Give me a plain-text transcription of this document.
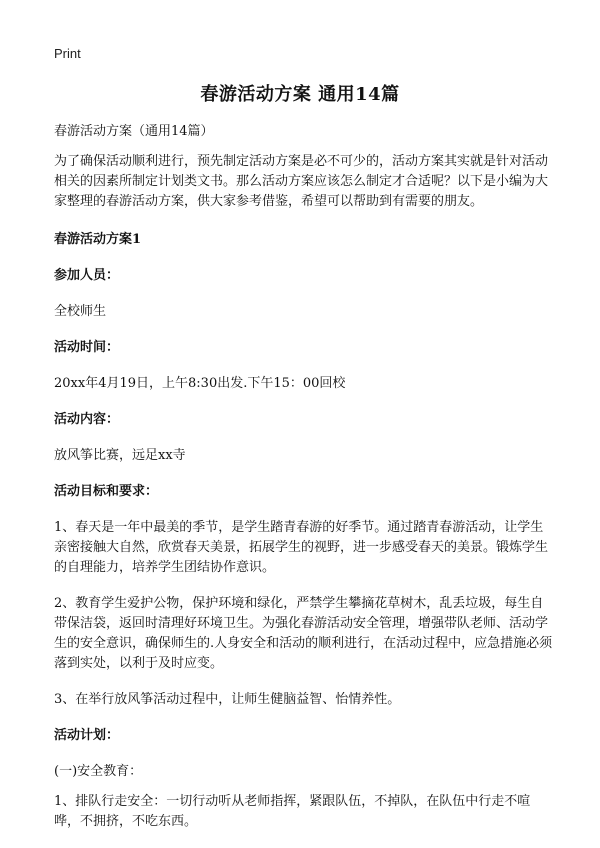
Print
春游活动方案 通用14篇

春游活动方案（通用14篇）

为了确保活动顺利进行，预先制定活动方案是必不可少的，活动方案其实就是针对活动相关的因素所制定计划类文书。那么活动方案应该怎么制定才合适呢？以下是小编为大家整理的春游活动方案，供大家参考借鉴，希望可以帮助到有需要的朋友。

春游活动方案1

参加人员：

全校师生

活动时间：

20xx年4月19日，上午8:30出发.下午15：00回校

活动内容：

放风筝比赛，远足xx寺

活动目标和要求：

1、春天是一年中最美的季节，是学生踏青春游的好季节。通过踏青春游活动，让学生亲密接触大自然，欣赏春天美景，拓展学生的视野，进一步感受春天的美景。锻炼学生的自理能力，培养学生团结协作意识。

2、教育学生爱护公物，保护环境和绿化，严禁学生攀摘花草树木，乱丢垃圾，每生自带保洁袋，返回时清理好环境卫生。为强化春游活动安全管理，增强带队老师、活动学生的安全意识，确保师生的.人身安全和活动的顺利进行，在活动过程中，应急措施必须落到实处，以利于及时应变。

3、在举行放风筝活动过程中，让师生健脑益智、怡情养性。

活动计划：

(一)安全教育：

1、排队行走安全：一切行动听从老师指挥，紧跟队伍，不掉队，在队伍中行走不喧哗，不拥挤，不吃东西。
